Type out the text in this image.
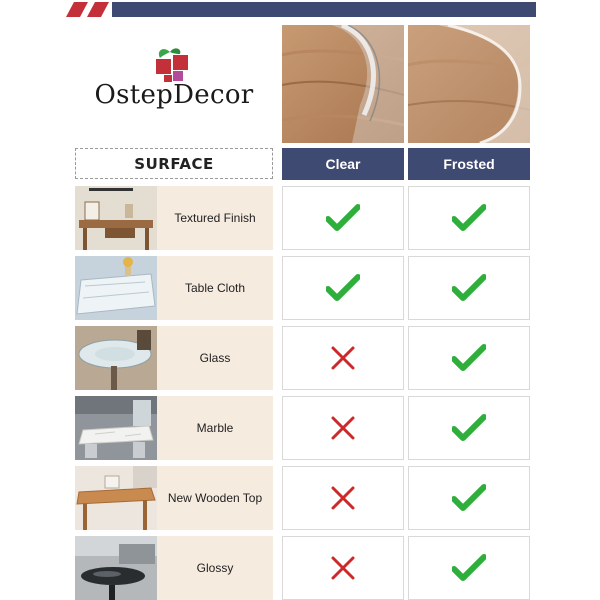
OstepDecor
SURFACE	Clear	Frosted
Textured Finish
Table Cloth
Glass
Marble
New Wooden Top
Glossy
